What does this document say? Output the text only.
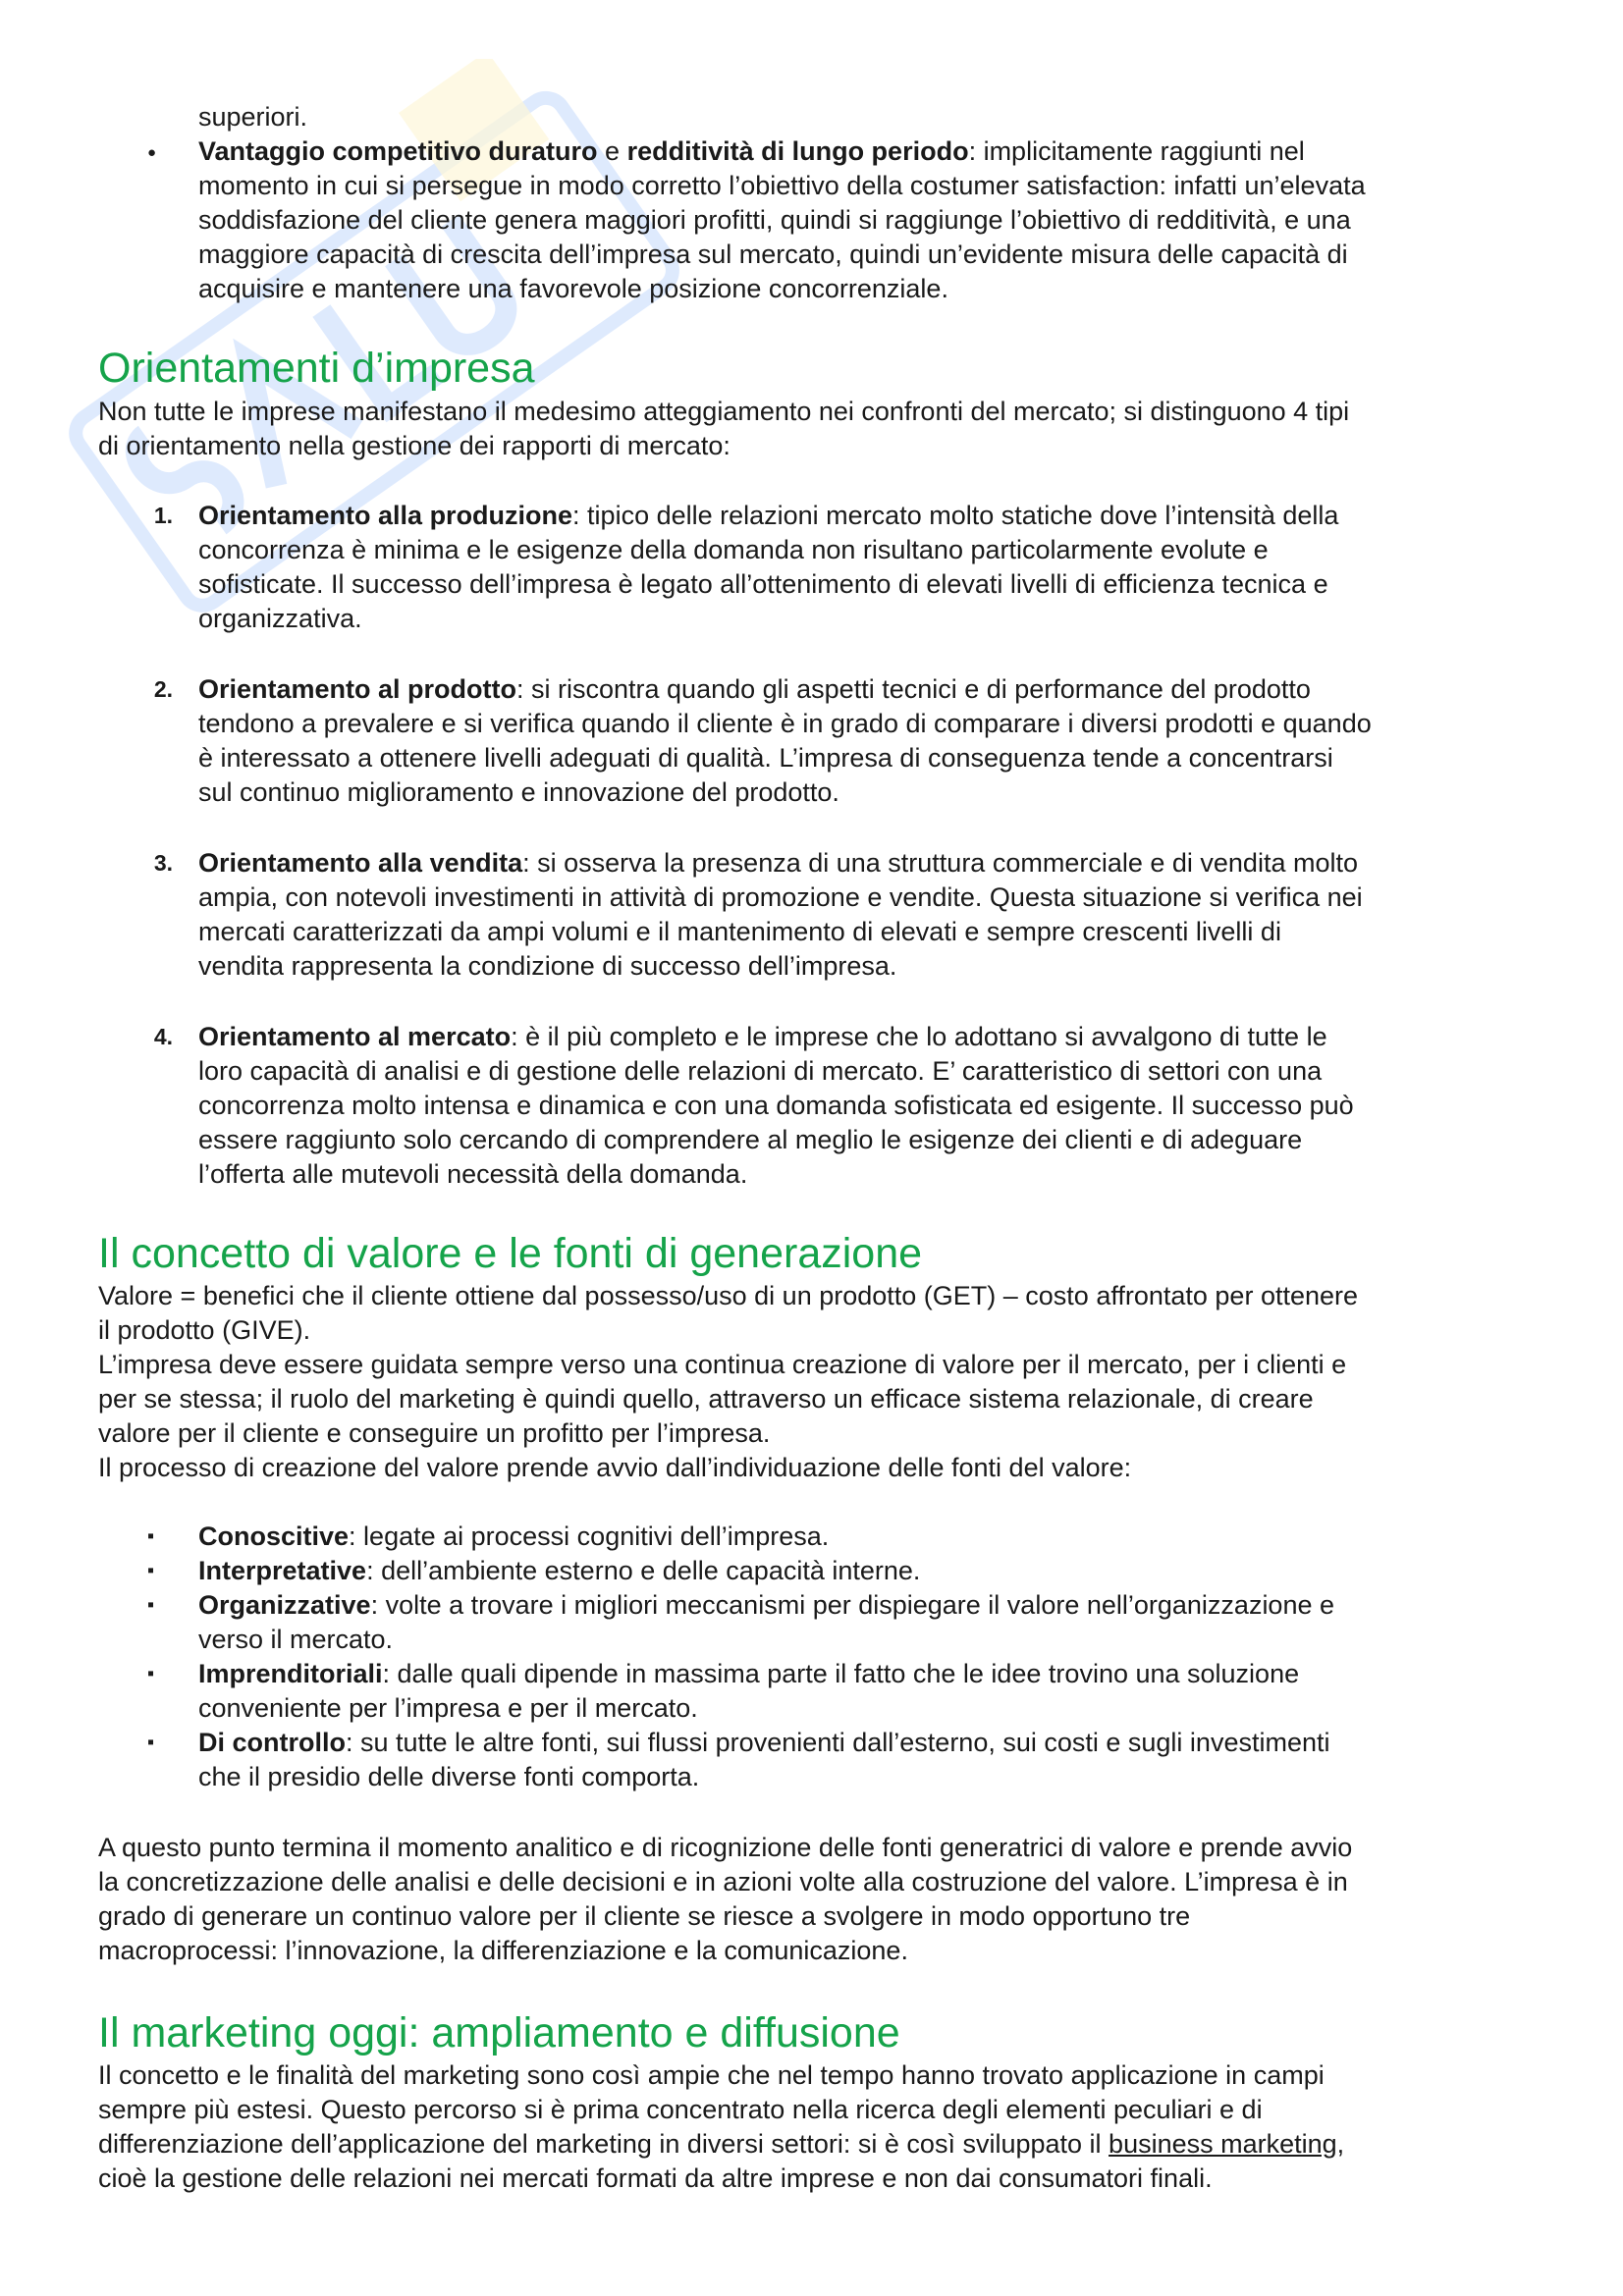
superiori.
● Vantaggio competitivo duraturo e redditività di lungo periodo: implicitamente raggiunti nel
momento in cui si persegue in modo corretto l’obiettivo della costumer satisfaction: infatti un’elevata
soddisfazione del cliente genera maggiori profitti, quindi si raggiunge l’obiettivo di redditività, e una
maggiore capacità di crescita dell’impresa sul mercato, quindi un’evidente misura delle capacità di
acquisire e mantenere una favorevole posizione concorrenziale.
Orientamenti d’impresa
Non tutte le imprese manifestano il medesimo atteggiamento nei confronti del mercato; si distinguono 4 tipi
di orientamento nella gestione dei rapporti di mercato:
1. Orientamento alla produzione: tipico delle relazioni mercato molto statiche dove l’intensità della
concorrenza è minima e le esigenze della domanda non risultano particolarmente evolute e
sofisticate. Il successo dell’impresa è legato all’ottenimento di elevati livelli di efficienza tecnica e
organizzativa.
2. Orientamento al prodotto: si riscontra quando gli aspetti tecnici e di performance del prodotto
tendono a prevalere e si verifica quando il cliente è in grado di comparare i diversi prodotti e quando
è interessato a ottenere livelli adeguati di qualità. L’impresa di conseguenza tende a concentrarsi
sul continuo miglioramento e innovazione del prodotto.
3. Orientamento alla vendita: si osserva la presenza di una struttura commerciale e di vendita molto
ampia, con notevoli investimenti in attività di promozione e vendite. Questa situazione si verifica nei
mercati caratterizzati da ampi volumi e il mantenimento di elevati e sempre crescenti livelli di
vendita rappresenta la condizione di successo dell’impresa.
4. Orientamento al mercato: è il più completo e le imprese che lo adottano si avvalgono di tutte le
loro capacità di analisi e di gestione delle relazioni di mercato. E’ caratteristico di settori con una
concorrenza molto intensa e dinamica e con una domanda sofisticata ed esigente. Il successo può
essere raggiunto solo cercando di comprendere al meglio le esigenze dei clienti e di adeguare
l’offerta alle mutevoli necessità della domanda.
Il concetto di valore e le fonti di generazione
Valore = benefici che il cliente ottiene dal possesso/uso di un prodotto (GET) – costo affrontato per ottenere
il prodotto (GIVE).
L’impresa deve essere guidata sempre verso una continua creazione di valore per il mercato, per i clienti e
per se stessa; il ruolo del marketing è quindi quello, attraverso un efficace sistema relazionale, di creare
valore per il cliente e conseguire un profitto per l’impresa.
Il processo di creazione del valore prende avvio dall’individuazione delle fonti del valore:
▪ Conoscitive: legate ai processi cognitivi dell’impresa.
▪ Interpretative: dell’ambiente esterno e delle capacità interne.
▪ Organizzative: volte a trovare i migliori meccanismi per dispiegare il valore nell’organizzazione e
verso il mercato.
▪ Imprenditoriali: dalle quali dipende in massima parte il fatto che le idee trovino una soluzione
conveniente per l’impresa e per il mercato.
▪ Di controllo: su tutte le altre fonti, sui flussi provenienti dall’esterno, sui costi e sugli investimenti
che il presidio delle diverse fonti comporta.
A questo punto termina il momento analitico e di ricognizione delle fonti generatrici di valore e prende avvio
la concretizzazione delle analisi e delle decisioni e in azioni volte alla costruzione del valore. L’impresa è in
grado di generare un continuo valore per il cliente se riesce a svolgere in modo opportuno tre
macroprocessi: l’innovazione, la differenziazione e la comunicazione.
Il marketing oggi: ampliamento e diffusione
Il concetto e le finalità del marketing sono così ampie che nel tempo hanno trovato applicazione in campi
sempre più estesi. Questo percorso si è prima concentrato nella ricerca degli elementi peculiari e di
differenziazione dell’applicazione del marketing in diversi settori: si è così sviluppato il business marketing,
cioè la gestione delle relazioni nei mercati formati da altre imprese e non dai consumatori finali.
